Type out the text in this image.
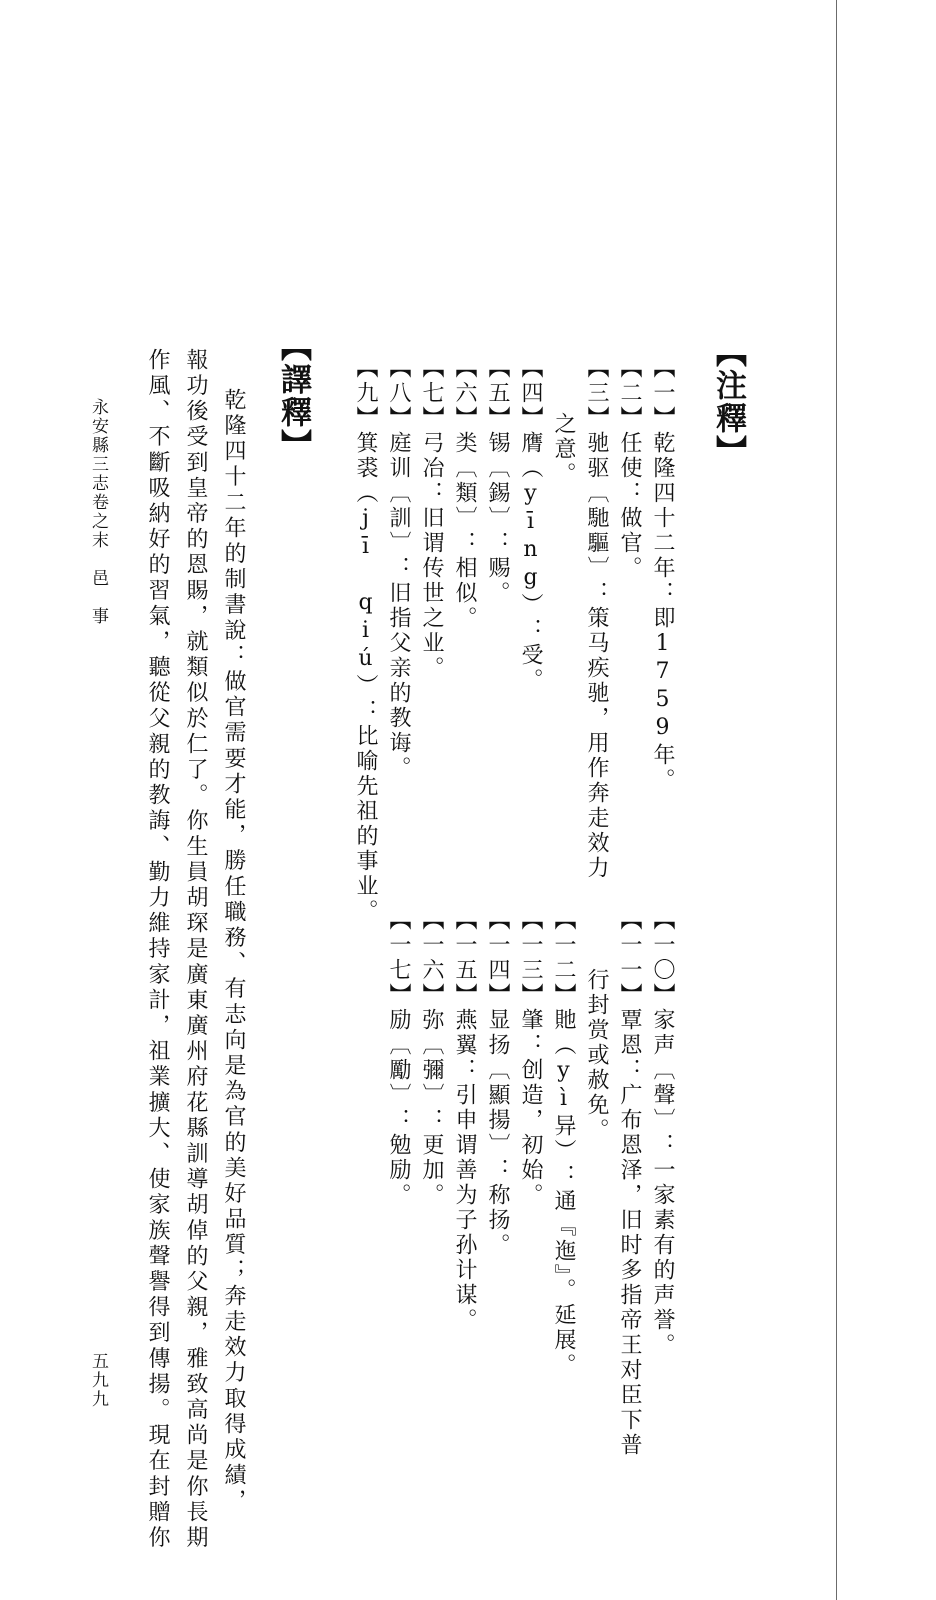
【注釋】
【一】乾隆四十二年：即1759年。
【二】任使：做官。
【三】驰驱〔馳驅〕：策马疾驰，用作奔走效力
之意。
【四】膺（yīng）：受。
【五】锡〔錫〕：赐。
【六】类〔類〕：相似。
【七】弓冶：旧谓传世之业。
【八】庭训〔訓〕：旧指父亲的教诲。
【九】箕裘（jī qiú）：比喻先祖的事业。
【一〇】家声〔聲〕：一家素有的声誉。
【一一】覃恩：广布恩泽，旧时多指帝王对臣下普
行封赏或赦免。
【一二】貤（yì异）：通『迤』。延展。
【一三】肇：创造，初始。
【一四】显扬〔顯揚〕：称扬。
【一五】燕翼：引申谓善为子孙计谋。
【一六】弥〔彌〕：更加。
【一七】励〔勵〕：勉励。
【譯釋】
乾隆四十二年的制書說：做官需要才能，勝任職務、有志向是為官的美好品質；奔走效力取得成績，
報功後受到皇帝的恩賜，就類似於仁了。你生員胡琛是廣東廣州府花縣訓導胡倬的父親，雅致高尚是你長期
作風、不斷吸納好的習氣，聽從父親的教誨、勤力維持家計，祖業擴大、使家族聲譽得到傳揚。現在封贈你
永安縣三志卷之末　邑　事
五九九
